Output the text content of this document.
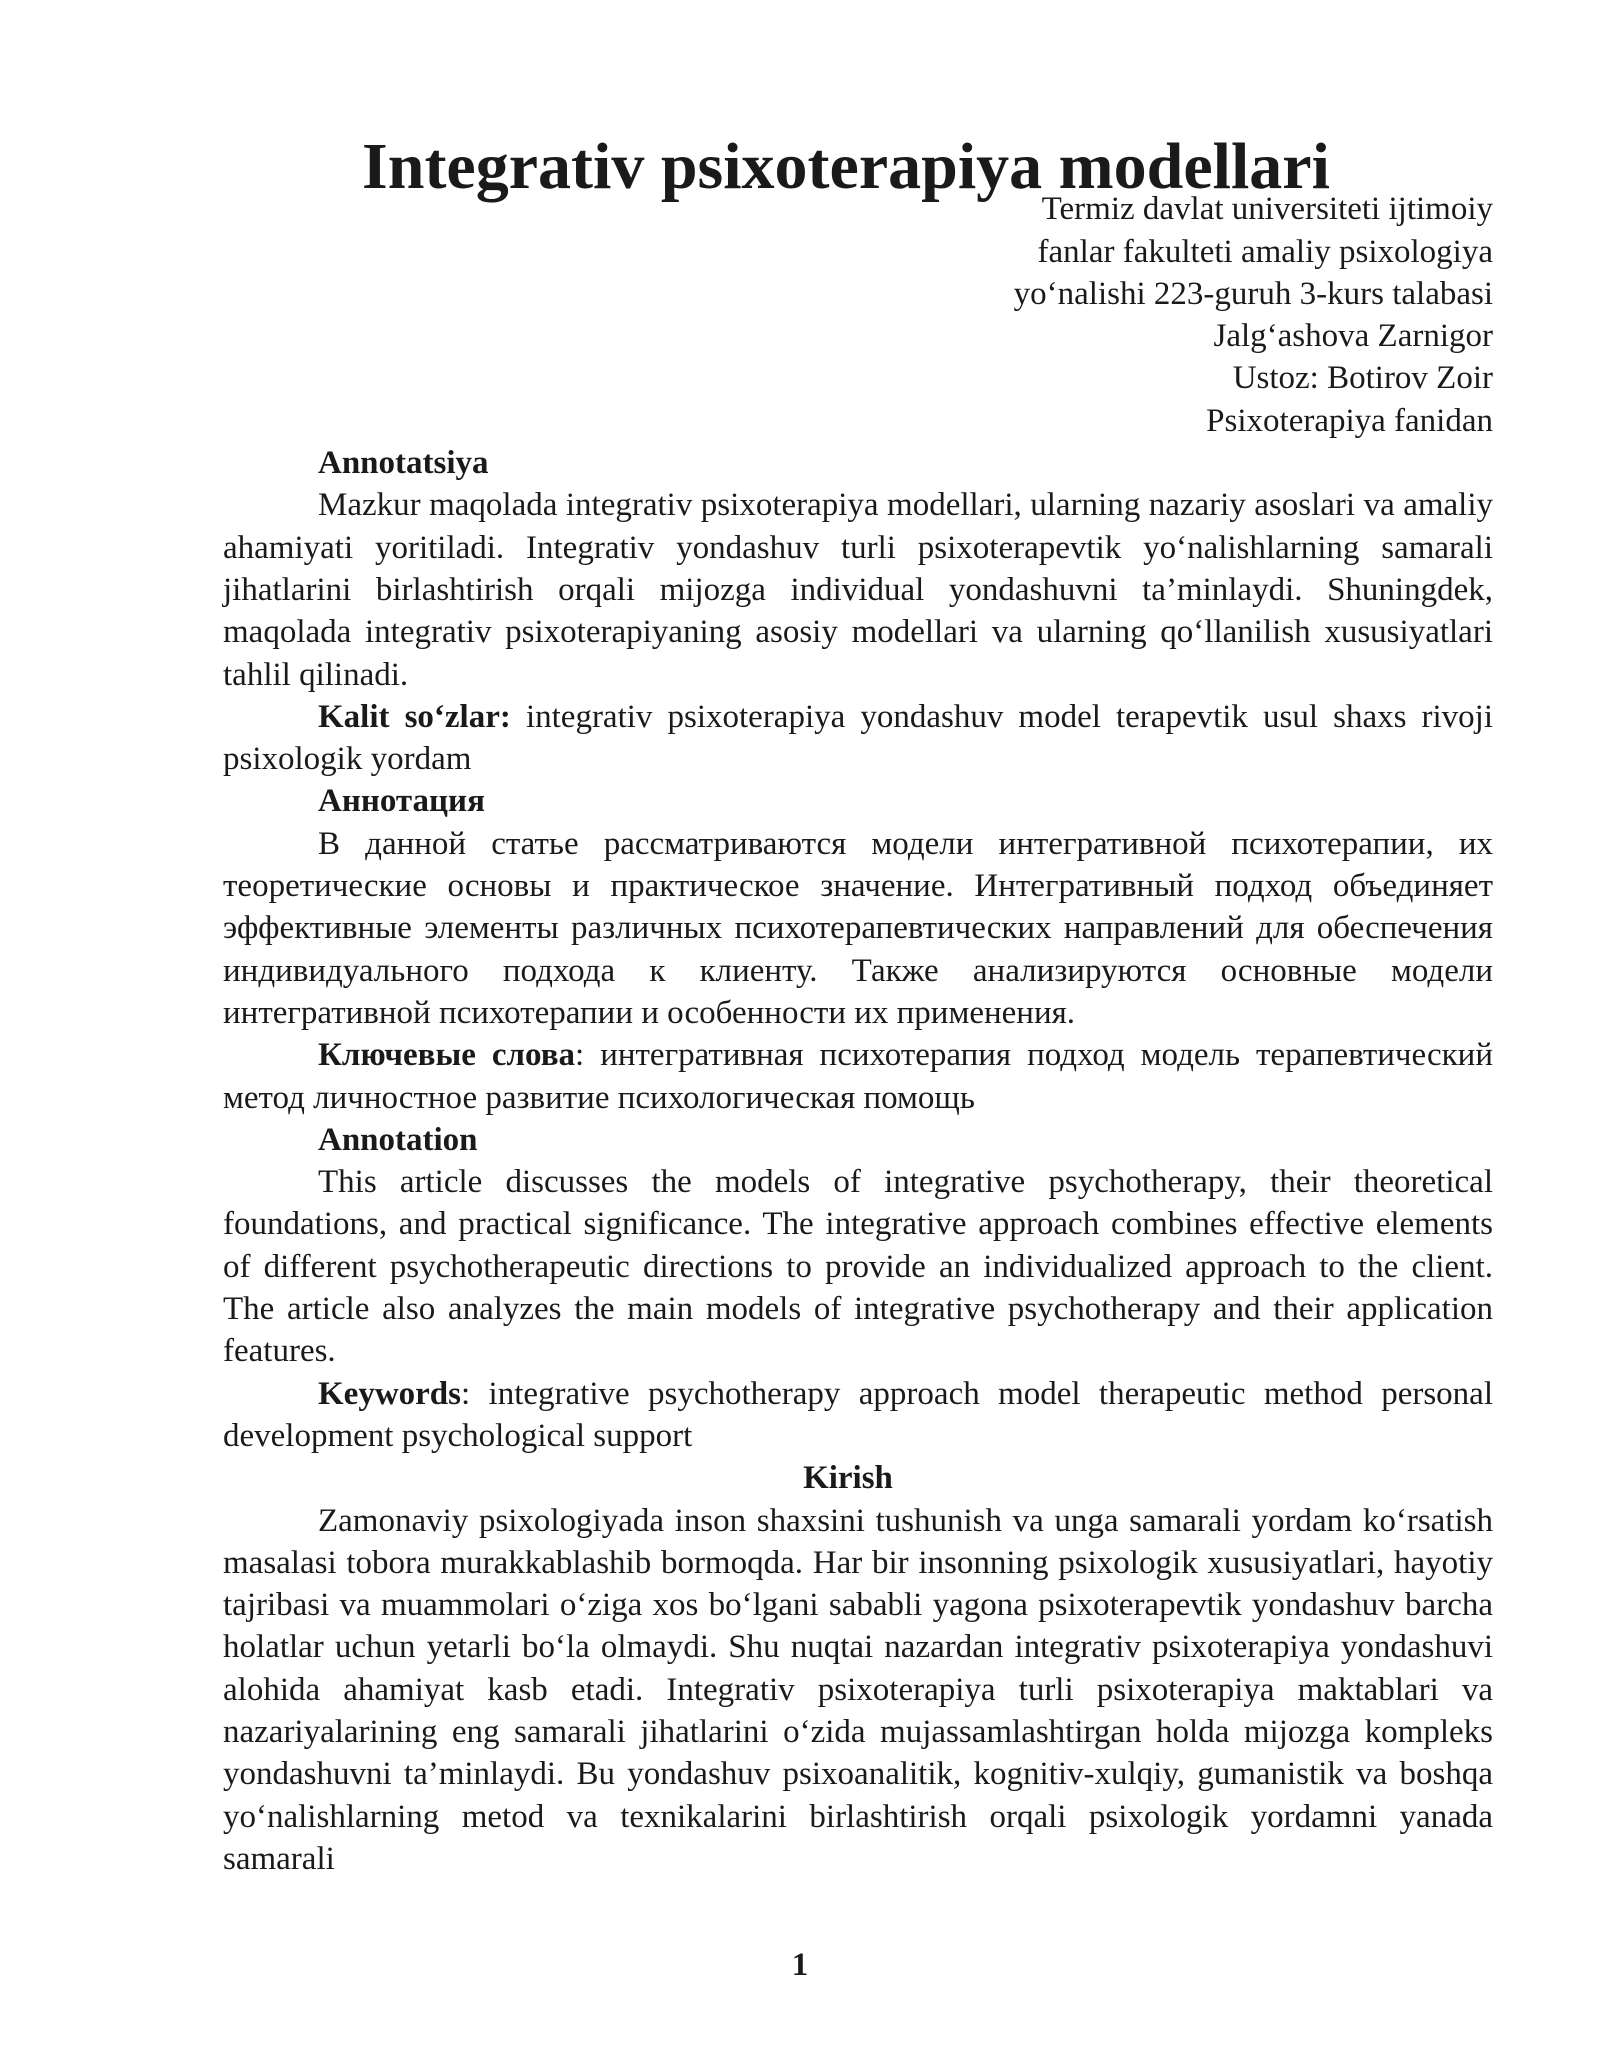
Integrativ psixoterapiya modellari
Termiz davlat universiteti ijtimoiy
fanlar fakulteti amaliy psixologiya
yo‘nalishi 223-guruh 3-kurs talabasi
Jalg‘ashova Zarnigor
Ustoz: Botirov Zoir
Psixoterapiya fanidan
Annotatsiya

Mazkur maqolada integrativ psixoterapiya modellari, ularning nazariy asoslari va amaliy ahamiyati yoritiladi. Integrativ yondashuv turli psixoterapevtik yo‘nalishlarning samarali jihatlarini birlashtirish orqali mijozga individual yondashuvni ta’minlaydi. Shuningdek, maqolada integrativ psixoterapiyaning asosiy modellari va ularning qo‘llanilish xususiyatlari tahlil qilinadi.

Kalit so‘zlar: integrativ psixoterapiya yondashuv model terapevtik usul shaxs rivoji psixologik yordam

Аннотация

В данной статье рассматриваются модели интегративной психотерапии, их теоретические основы и практическое значение. Интегративный подход объединяет эффективные элементы различных психотерапевтических направлений для обеспечения индивидуального подхода к клиенту. Также анализируются основные модели интегративной психотерапии и особенности их применения.

Ключевые слова: интегративная психотерапия подход модель терапевтический метод личностное развитие психологическая помощь

Annotation

This article discusses the models of integrative psychotherapy, their theoretical foundations, and practical significance. The integrative approach combines effective elements of different psychotherapeutic directions to provide an individualized approach to the client. The article also analyzes the main models of integrative psychotherapy and their application features.

Keywords: integrative psychotherapy approach model therapeutic method personal development psychological support

Kirish

Zamonaviy psixologiyada inson shaxsini tushunish va unga samarali yordam ko‘rsatish masalasi tobora murakkablashib bormoqda. Har bir insonning psixologik xususiyatlari, hayotiy tajribasi va muammolari o‘ziga xos bo‘lgani sababli yagona psixoterapevtik yondashuv barcha holatlar uchun yetarli bo‘la olmaydi. Shu nuqtai nazardan integrativ psixoterapiya yondashuvi alohida ahamiyat kasb etadi. Integrativ psixoterapiya turli psixoterapiya maktablari va nazariyalarining eng samarali jihatlarini o‘zida mujassamlashtirgan holda mijozga kompleks yondashuvni ta’minlaydi. Bu yondashuv psixoanalitik, kognitiv-xulqiy, gumanistik va boshqa yo‘nalishlarning metod va texnikalarini birlashtirish orqali psixologik yordamni yanada samarali

1
